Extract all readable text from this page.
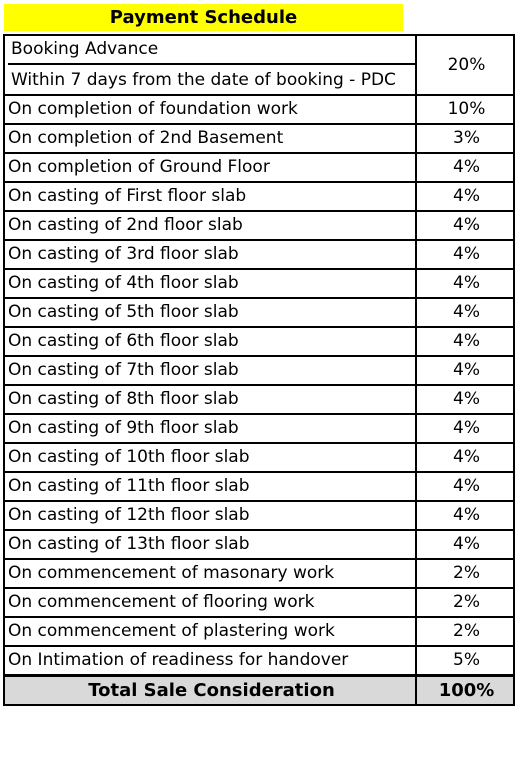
Payment Schedule
Booking Advance
Within 7 days from the date of booking - PDC	20%
On completion of foundation work	10%
On completion of 2nd Basement	3%
On completion of Ground Floor	4%
On casting of First floor slab	4%
On casting of 2nd floor slab	4%
On casting of 3rd floor slab	4%
On casting of 4th floor slab	4%
On casting of 5th floor slab	4%
On casting of 6th floor slab	4%
On casting of 7th floor slab	4%
On casting of 8th floor slab	4%
On casting of 9th floor slab	4%
On casting of 10th floor slab	4%
On casting of 11th floor slab	4%
On casting of 12th floor slab	4%
On casting of 13th floor slab	4%
On commencement of masonary work	2%
On commencement of flooring work	2%
On commencement of plastering work	2%
On Intimation of readiness for handover	5%
Total Sale Consideration	100%
